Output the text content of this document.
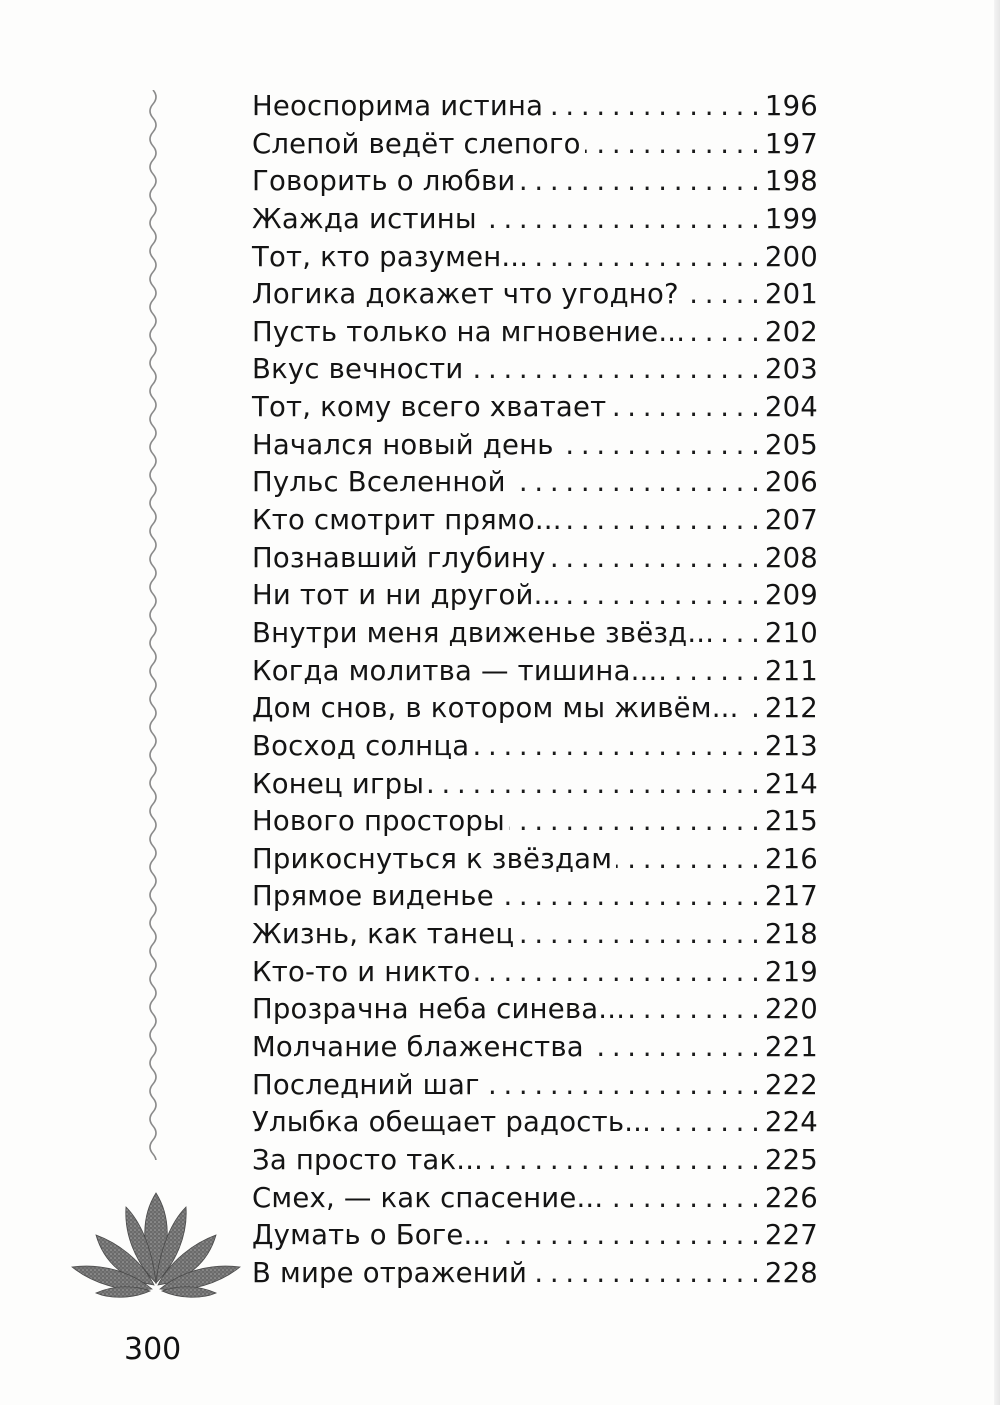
Неоспорима истина . . .	196
Слепой ведёт слепого . . .	197
Говорить о любви . . .	198
Жажда истины . . .	199
Тот, кто разумен... . . .	200
Логика докажет что угодно? . . .	201
Пусть только на мгновение... . . .	202
Вкус вечности . . .	203
Тот, кому всего хватает . . .	204
Начался новый день . . .	205
Пульс Вселенной . . .	206
Кто смотрит прямо... . . .	207
Познавший глубину . . .	208
Ни тот и ни другой... . . .	209
Внутри меня движенье звёзд... . . . 210
Когда молитва — тишина... . . .	211
Дом снов, в котором мы живём... . . . 212
Восход солнца . . .	213
Конец игры . . .	214
Нового просторы . . .	215
Прикоснуться к звёздам . . .	216
Прямое виденье . . .	217
Жизнь, как танец . . .	218
Кто-то и никто . . .	219
Прозрачна неба синева... . . .	220
Молчание блаженства . . .	221
Последний шаг . . .	222
Улыбка обещает радость... . . .	224
За просто так... . . .	225
Смех, — как спасение... . . .	226
Думать о Боге... . . .	227
В мире отражений . . .	228
300
